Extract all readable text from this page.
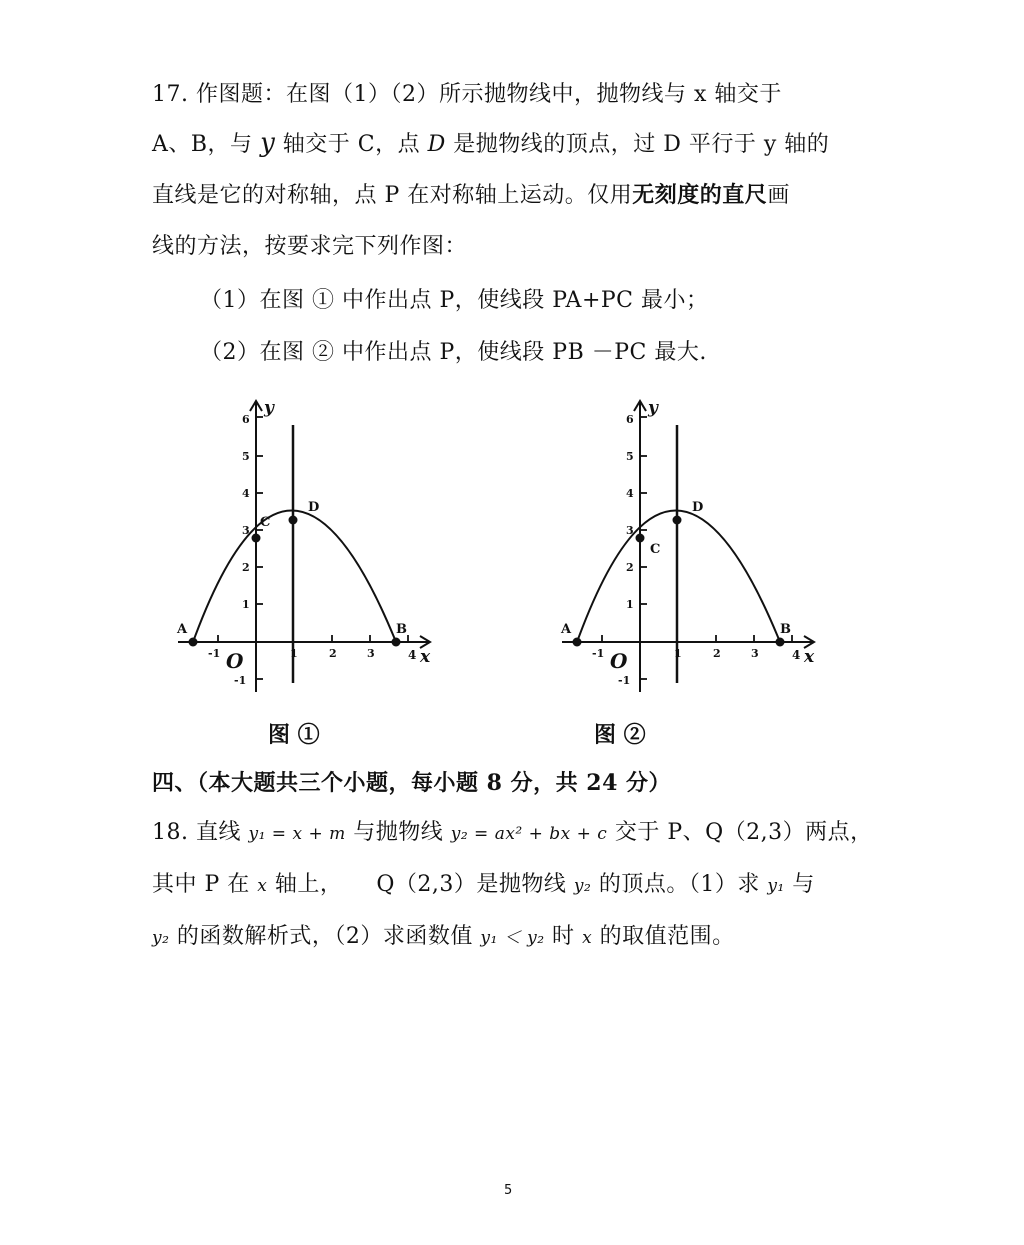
17. 作图题：在图（1）（2）所示抛物线中，抛物线与 x 轴交于
A、B，与 y 轴交于 C，点 D 是抛物线的顶点，过 D 平行于 y 轴的
直线是它的对称轴，点 P 在对称轴上运动。仅用无刻度的直尺画
线的方法，按要求完下列作图：
（1）在图 ① 中作出点 P，使线段 PA+PC 最小；
（2）在图 ② 中作出点 P，使线段 PB －PC 最大.
y
x
O
A	B
C
D
-1	1	2	3	4
-1
1
2
3
4
5
6
图 ①
y
x
O
A	B
C
D
-1	1	2	3	4
-1
1
2
3
4
5
6
图 ②
四、（本大题共三个小题，每小题 8 分，共 24 分）
18. 直线 y₁ = x + m 与抛物线 y₂ = ax² + bx + c 交于 P、Q（2,3）两点，
其中 P 在 x 轴上，　　Q（2,3）是抛物线 y₂ 的顶点。（1）求 y₁ 与
y₂ 的函数解析式，（2）求函数值 y₁ ＜ y₂ 时 x 的取值范围。
5
